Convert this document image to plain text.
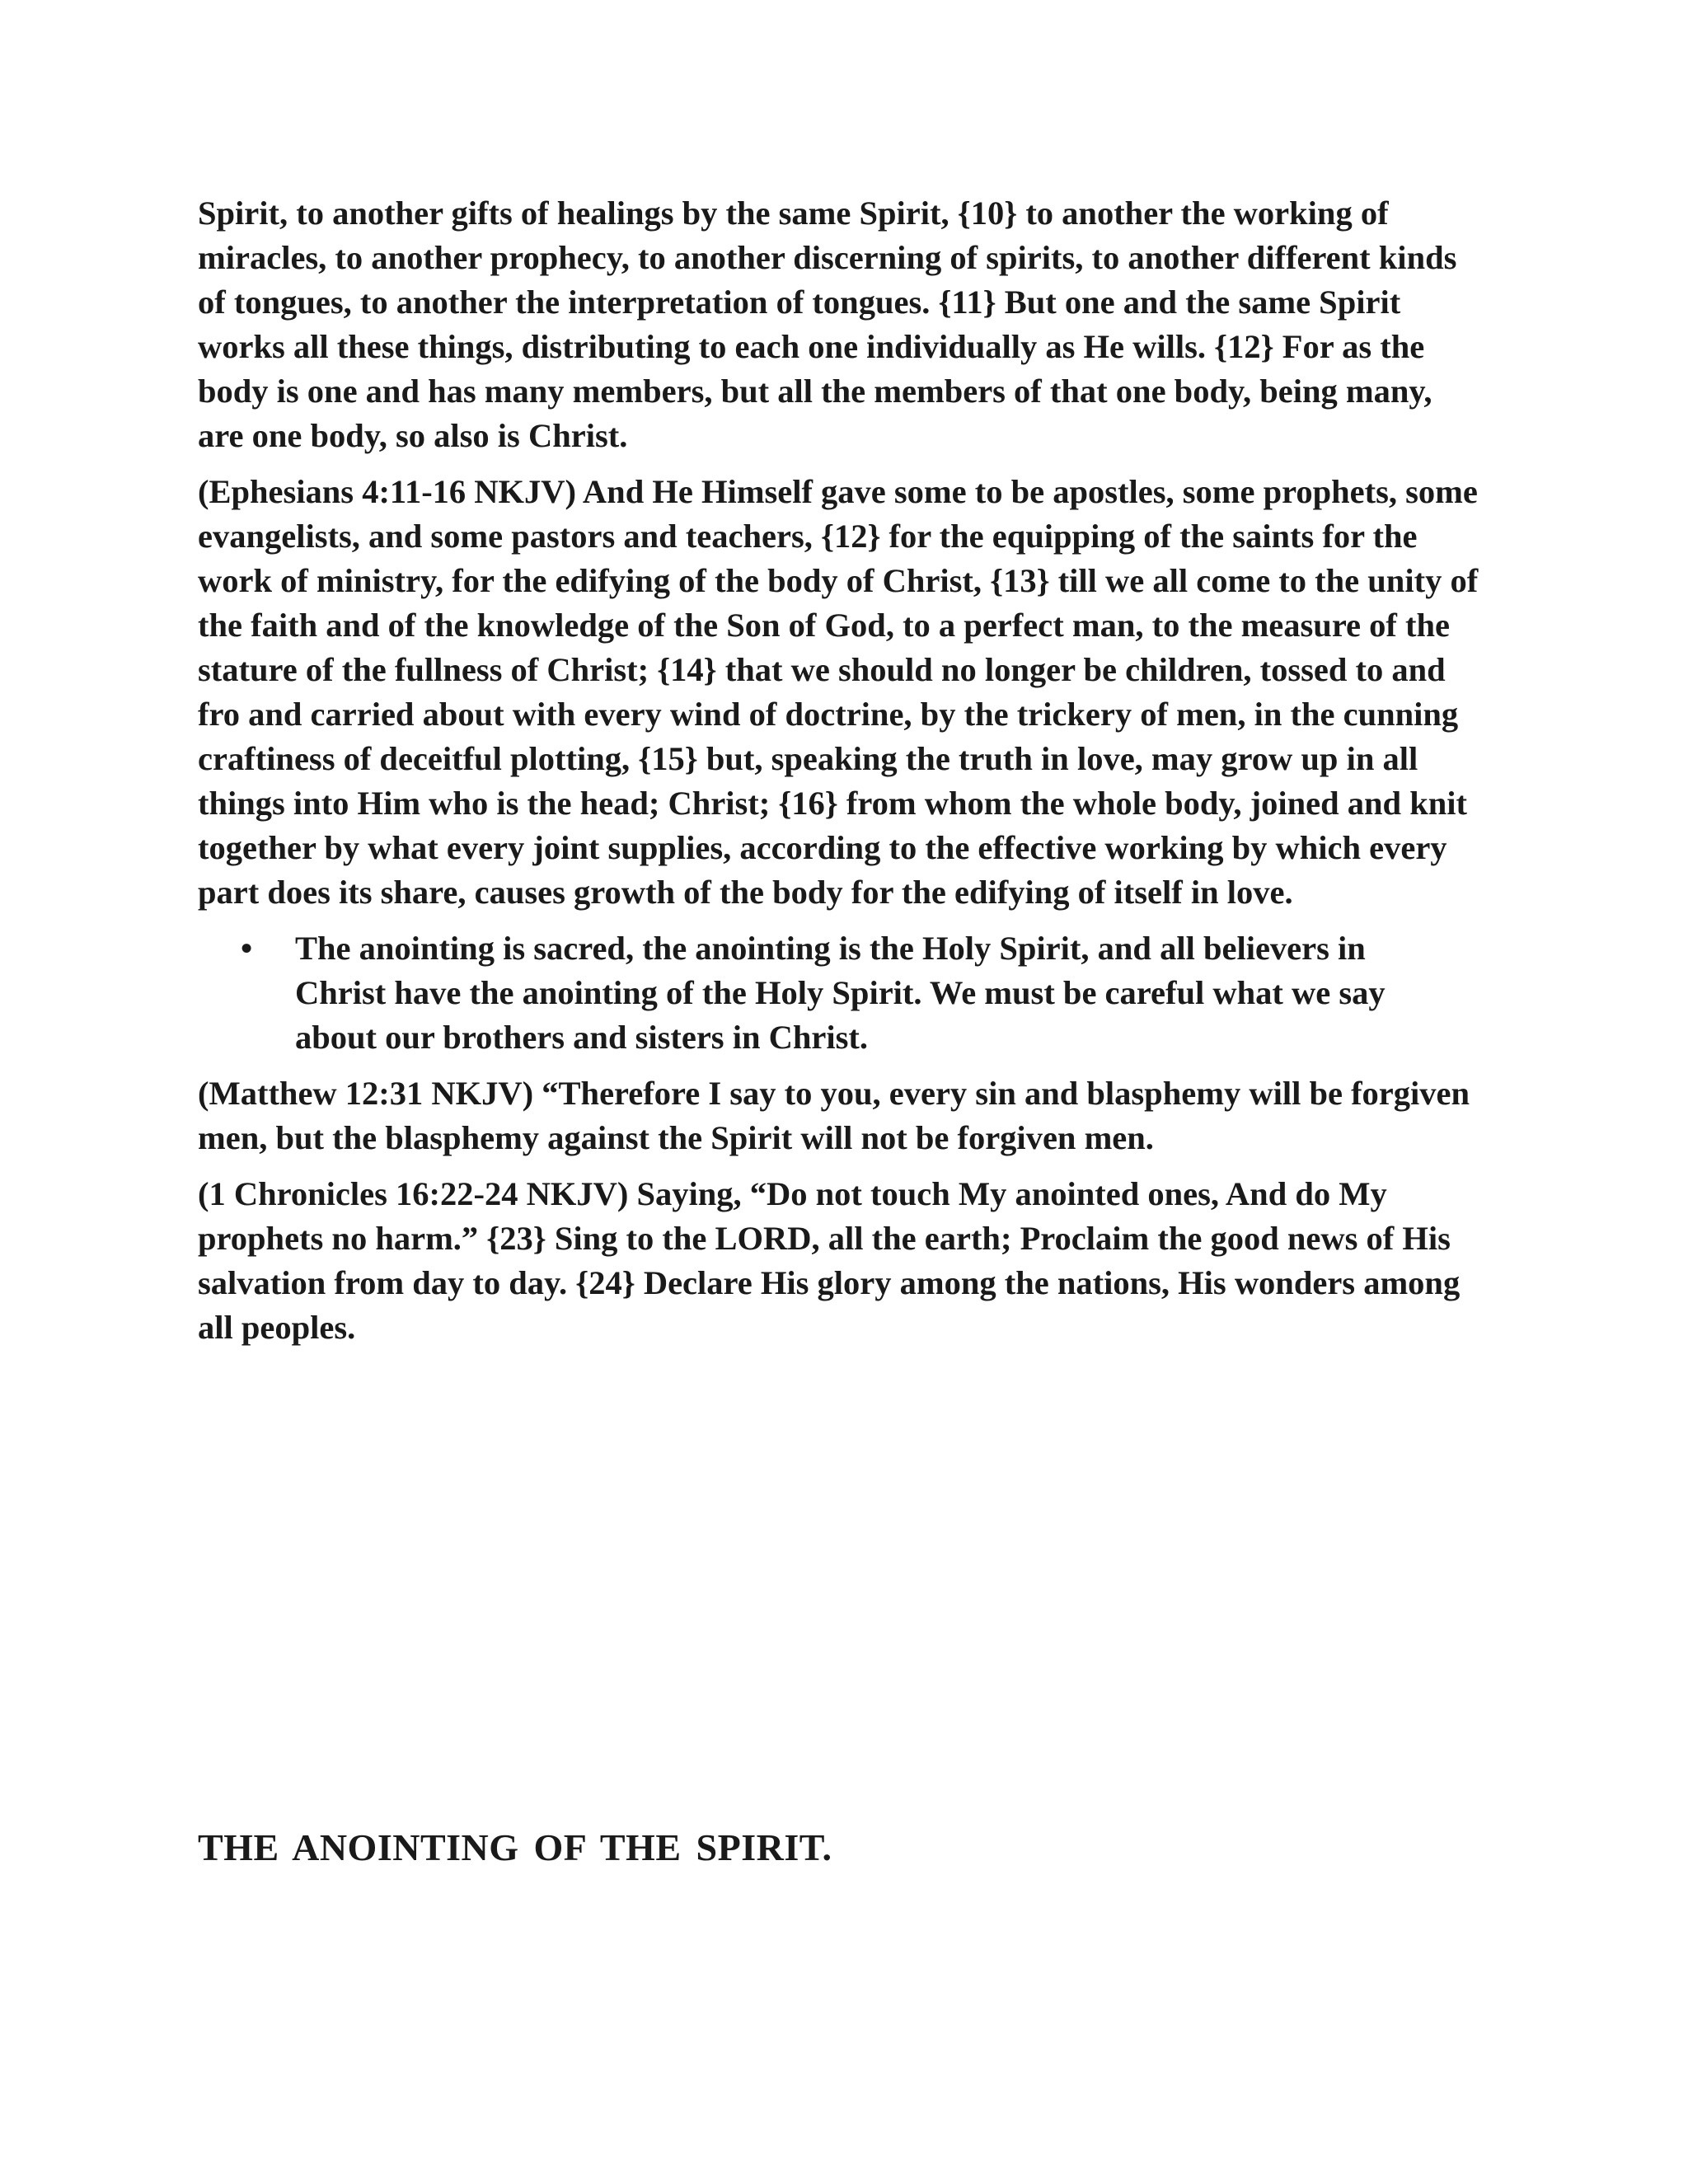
Spirit, to another gifts of healings by the same Spirit, {10} to another the working of miracles, to another prophecy, to another discerning of spirits, to another different kinds of tongues, to another the interpretation of tongues. {11} But one and the same Spirit works all these things, distributing to each one individually as He wills. {12} For as the body is one and has many members, but all the members of that one body, being many, are one body, so also is Christ.

(Ephesians 4:11-16 NKJV) And He Himself gave some to be apostles, some prophets, some evangelists, and some pastors and teachers, {12} for the equipping of the saints for the work of ministry, for the edifying of the body of Christ, {13} till we all come to the unity of the faith and of the knowledge of the Son of God, to a perfect man, to the measure of the stature of the fullness of Christ; {14} that we should no longer be children, tossed to and fro and carried about with every wind of doctrine, by the trickery of men, in the cunning craftiness of deceitful plotting, {15} but, speaking the truth in love, may grow up in all things into Him who is the head; Christ; {16} from whom the whole body, joined and knit together by what every joint supplies, according to the effective working by which every part does its share, causes growth of the body for the edifying of itself in love.

• The anointing is sacred, the anointing is the Holy Spirit, and all believers in Christ have the anointing of the Holy Spirit. We must be careful what we say about our brothers and sisters in Christ.

(Matthew 12:31 NKJV) “Therefore I say to you, every sin and blasphemy will be forgiven men, but the blasphemy against the Spirit will not be forgiven men.

(1 Chronicles 16:22-24 NKJV) Saying, “Do not touch My anointed ones, And do My prophets no harm.” {23} Sing to the LORD, all the earth; Proclaim the good news of His salvation from day to day. {24} Declare His glory among the nations, His wonders among all peoples.

THE ANOINTING OF THE SPIRIT.
